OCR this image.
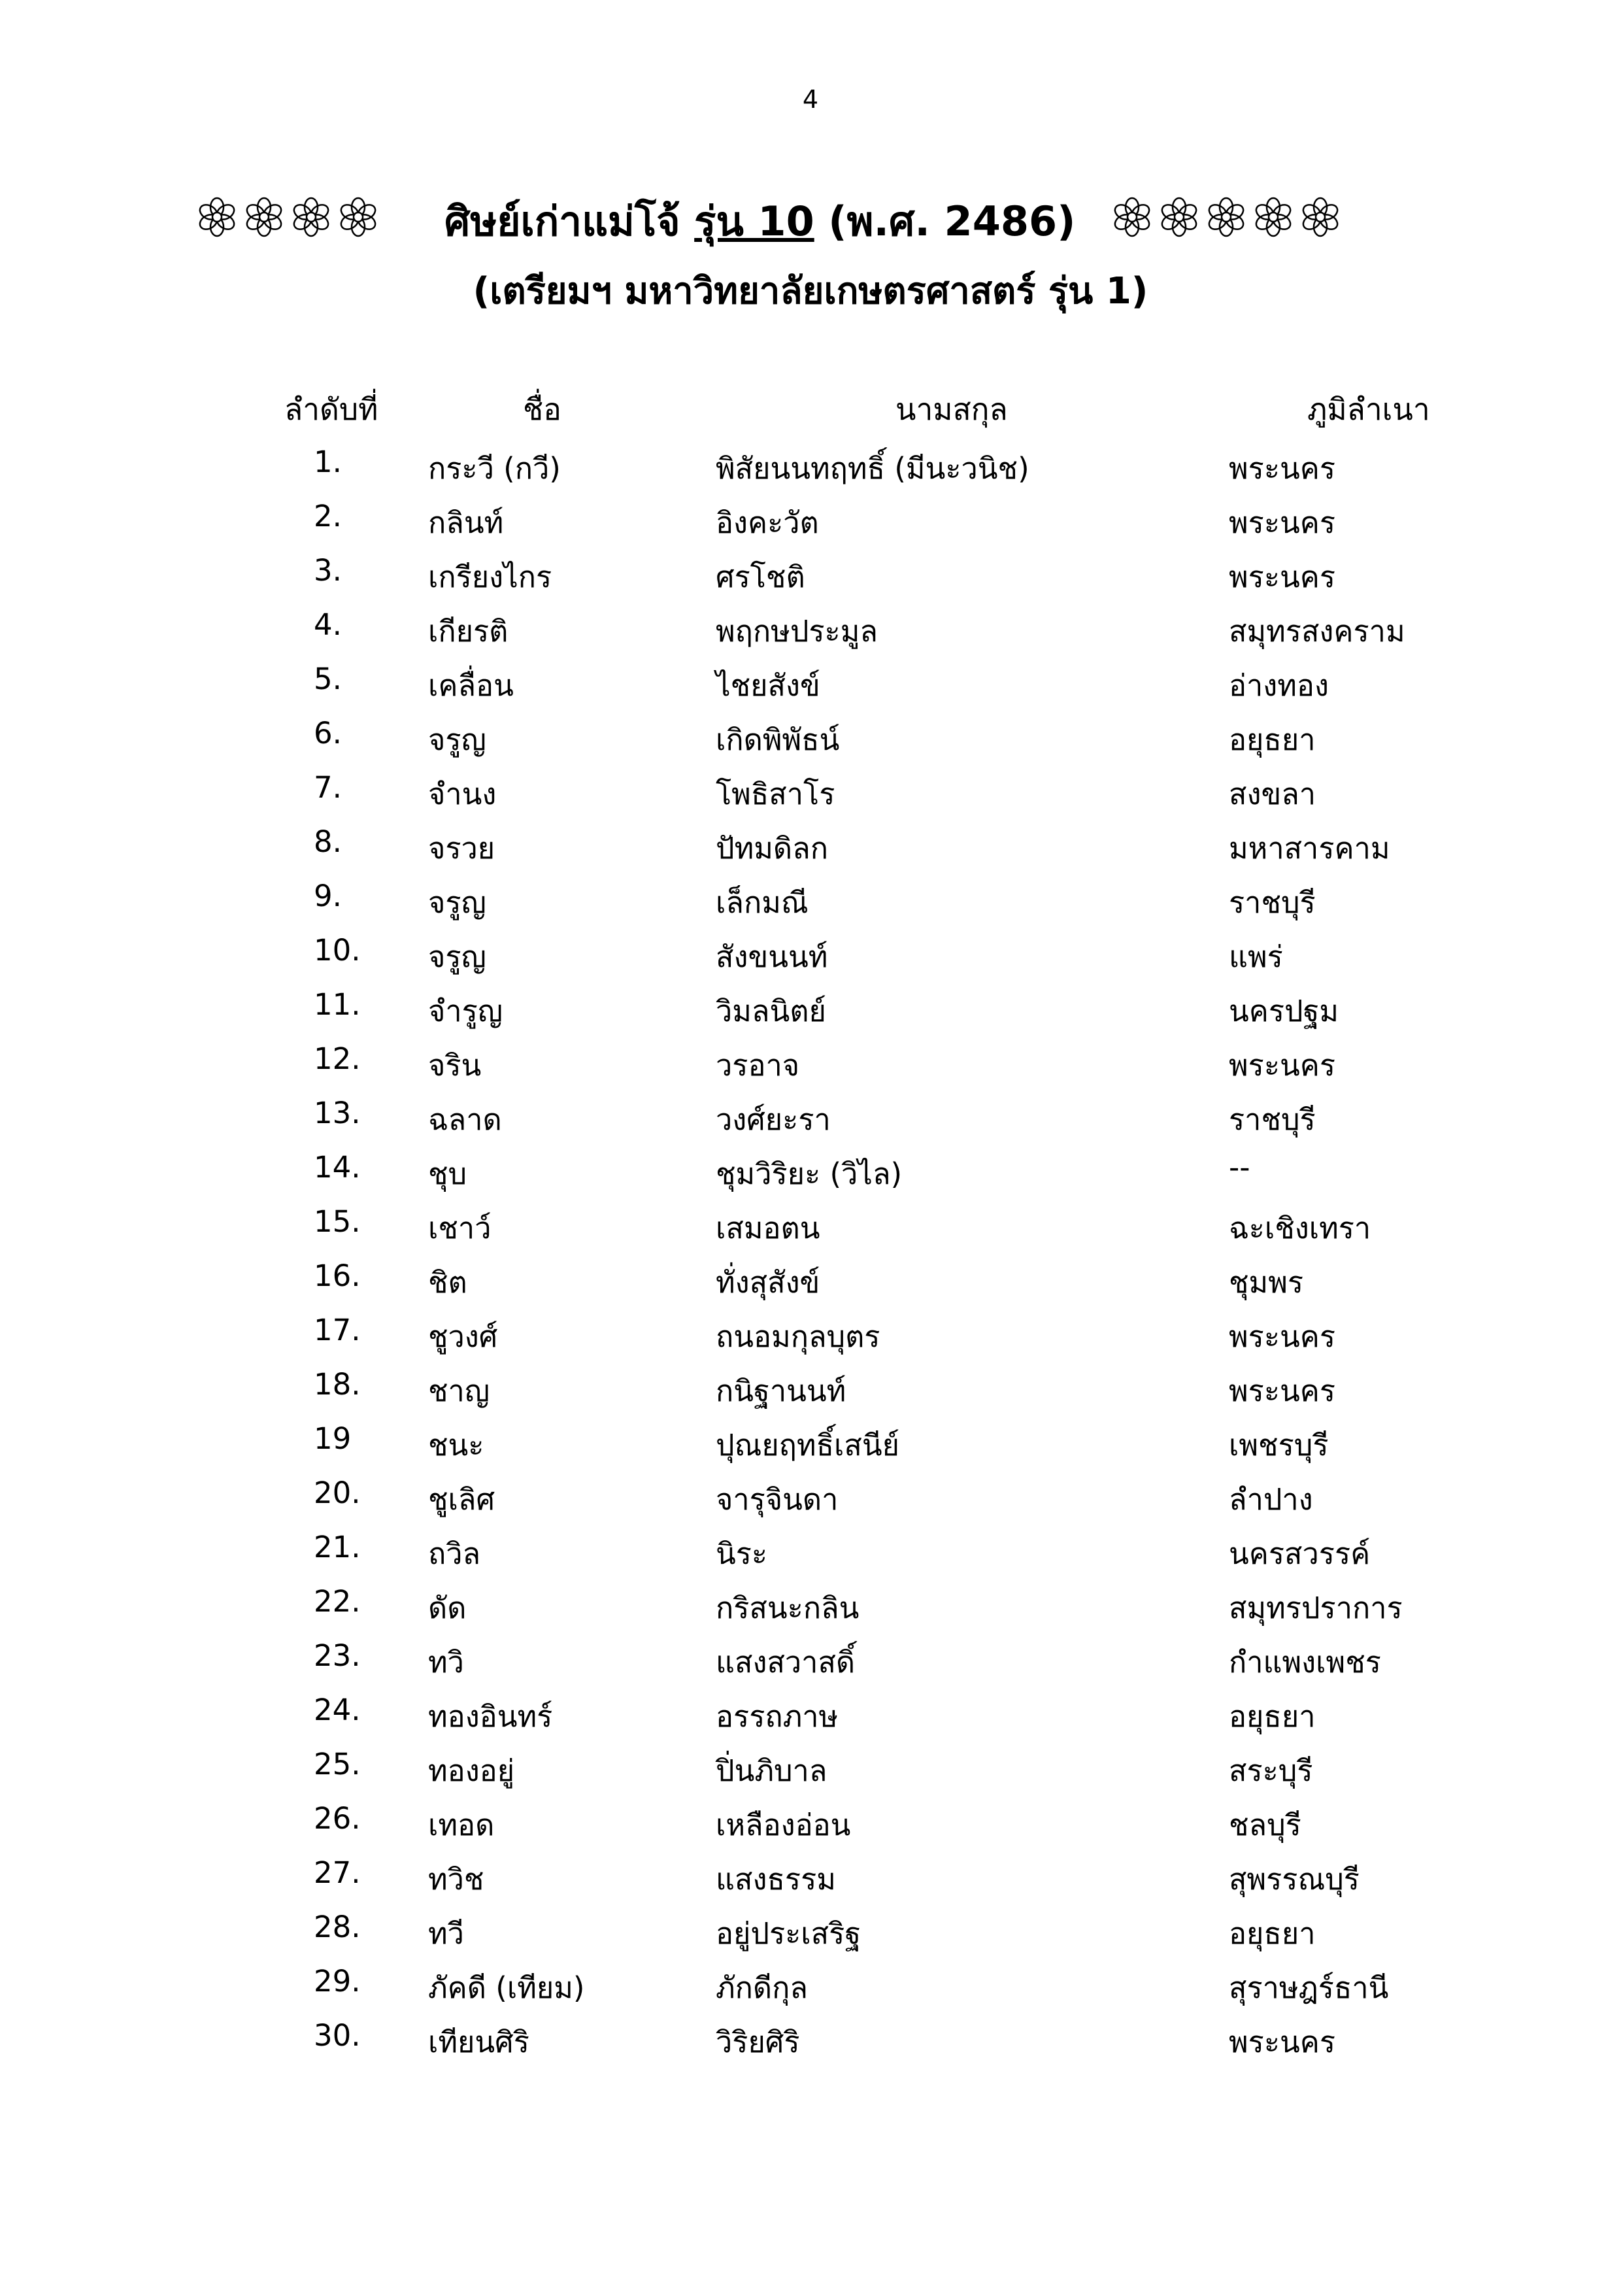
4
ศิษย์เก่าแม่โจ้ รุ่น 10 (พ.ศ. 2486)
(เตรียมฯ มหาวิทยาลัยเกษตรศาสตร์ รุ่น 1)
ลำดับที่	ชื่อ	นามสกุล	ภูมิลำเนา
1.	กระวี (กวี)	พิสัยนนทฤทธิ์ (มีนะวนิช)	พระนคร
2.	กลินท์	อิงคะวัต	พระนคร
3.	เกรียงไกร	ศรโชติ	พระนคร
4.	เกียรติ	พฤกษประมูล	สมุทรสงคราม
5.	เคลื่อน	ไชยสังข์	อ่างทอง
6.	จรูญ	เกิดพิพัธน์	อยุธยา
7.	จำนง	โพธิสาโร	สงขลา
8.	จรวย	ปัทมดิลก	มหาสารคาม
9.	จรูญ	เล็กมณี	ราชบุรี
10.	จรูญ	สังขนนท์	แพร่
11.	จำรูญ	วิมลนิตย์	นครปฐม
12.	จริน	วรอาจ	พระนคร
13.	ฉลาด	วงศ์ยะรา	ราชบุรี
14.	ชุบ	ชุมวิริยะ (วิไล)	--
15.	เชาว์	เสมอตน	ฉะเชิงเทรา
16.	ชิต	ทั่งสุสังข์	ชุมพร
17.	ชูวงศ์	ถนอมกุลบุตร	พระนคร
18.	ชาญ	กนิฐานนท์	พระนคร
19	ชนะ	ปุณยฤทธิ์เสนีย์	เพชรบุรี
20.	ชูเลิศ	จารุจินดา	ลำปาง
21.	ถวิล	นิระ	นครสวรรค์
22.	ดัด	กริสนะกลิน	สมุทรปราการ
23.	ทวิ	แสงสวาสดิ์	กำแพงเพชร
24.	ทองอินทร์	อรรถภาษ	อยุธยา
25.	ทองอยู่	ปิ่นภิบาล	สระบุรี
26.	เทอด	เหลืองอ่อน	ชลบุรี
27.	ทวิช	แสงธรรม	สุพรรณบุรี
28.	ทวี	อยู่ประเสริฐ	อยุธยา
29.	ภัคดี (เทียม)	ภักดีกุล	สุราษฎร์ธานี
30.	เทียนศิริ	วิริยศิริ	พระนคร
